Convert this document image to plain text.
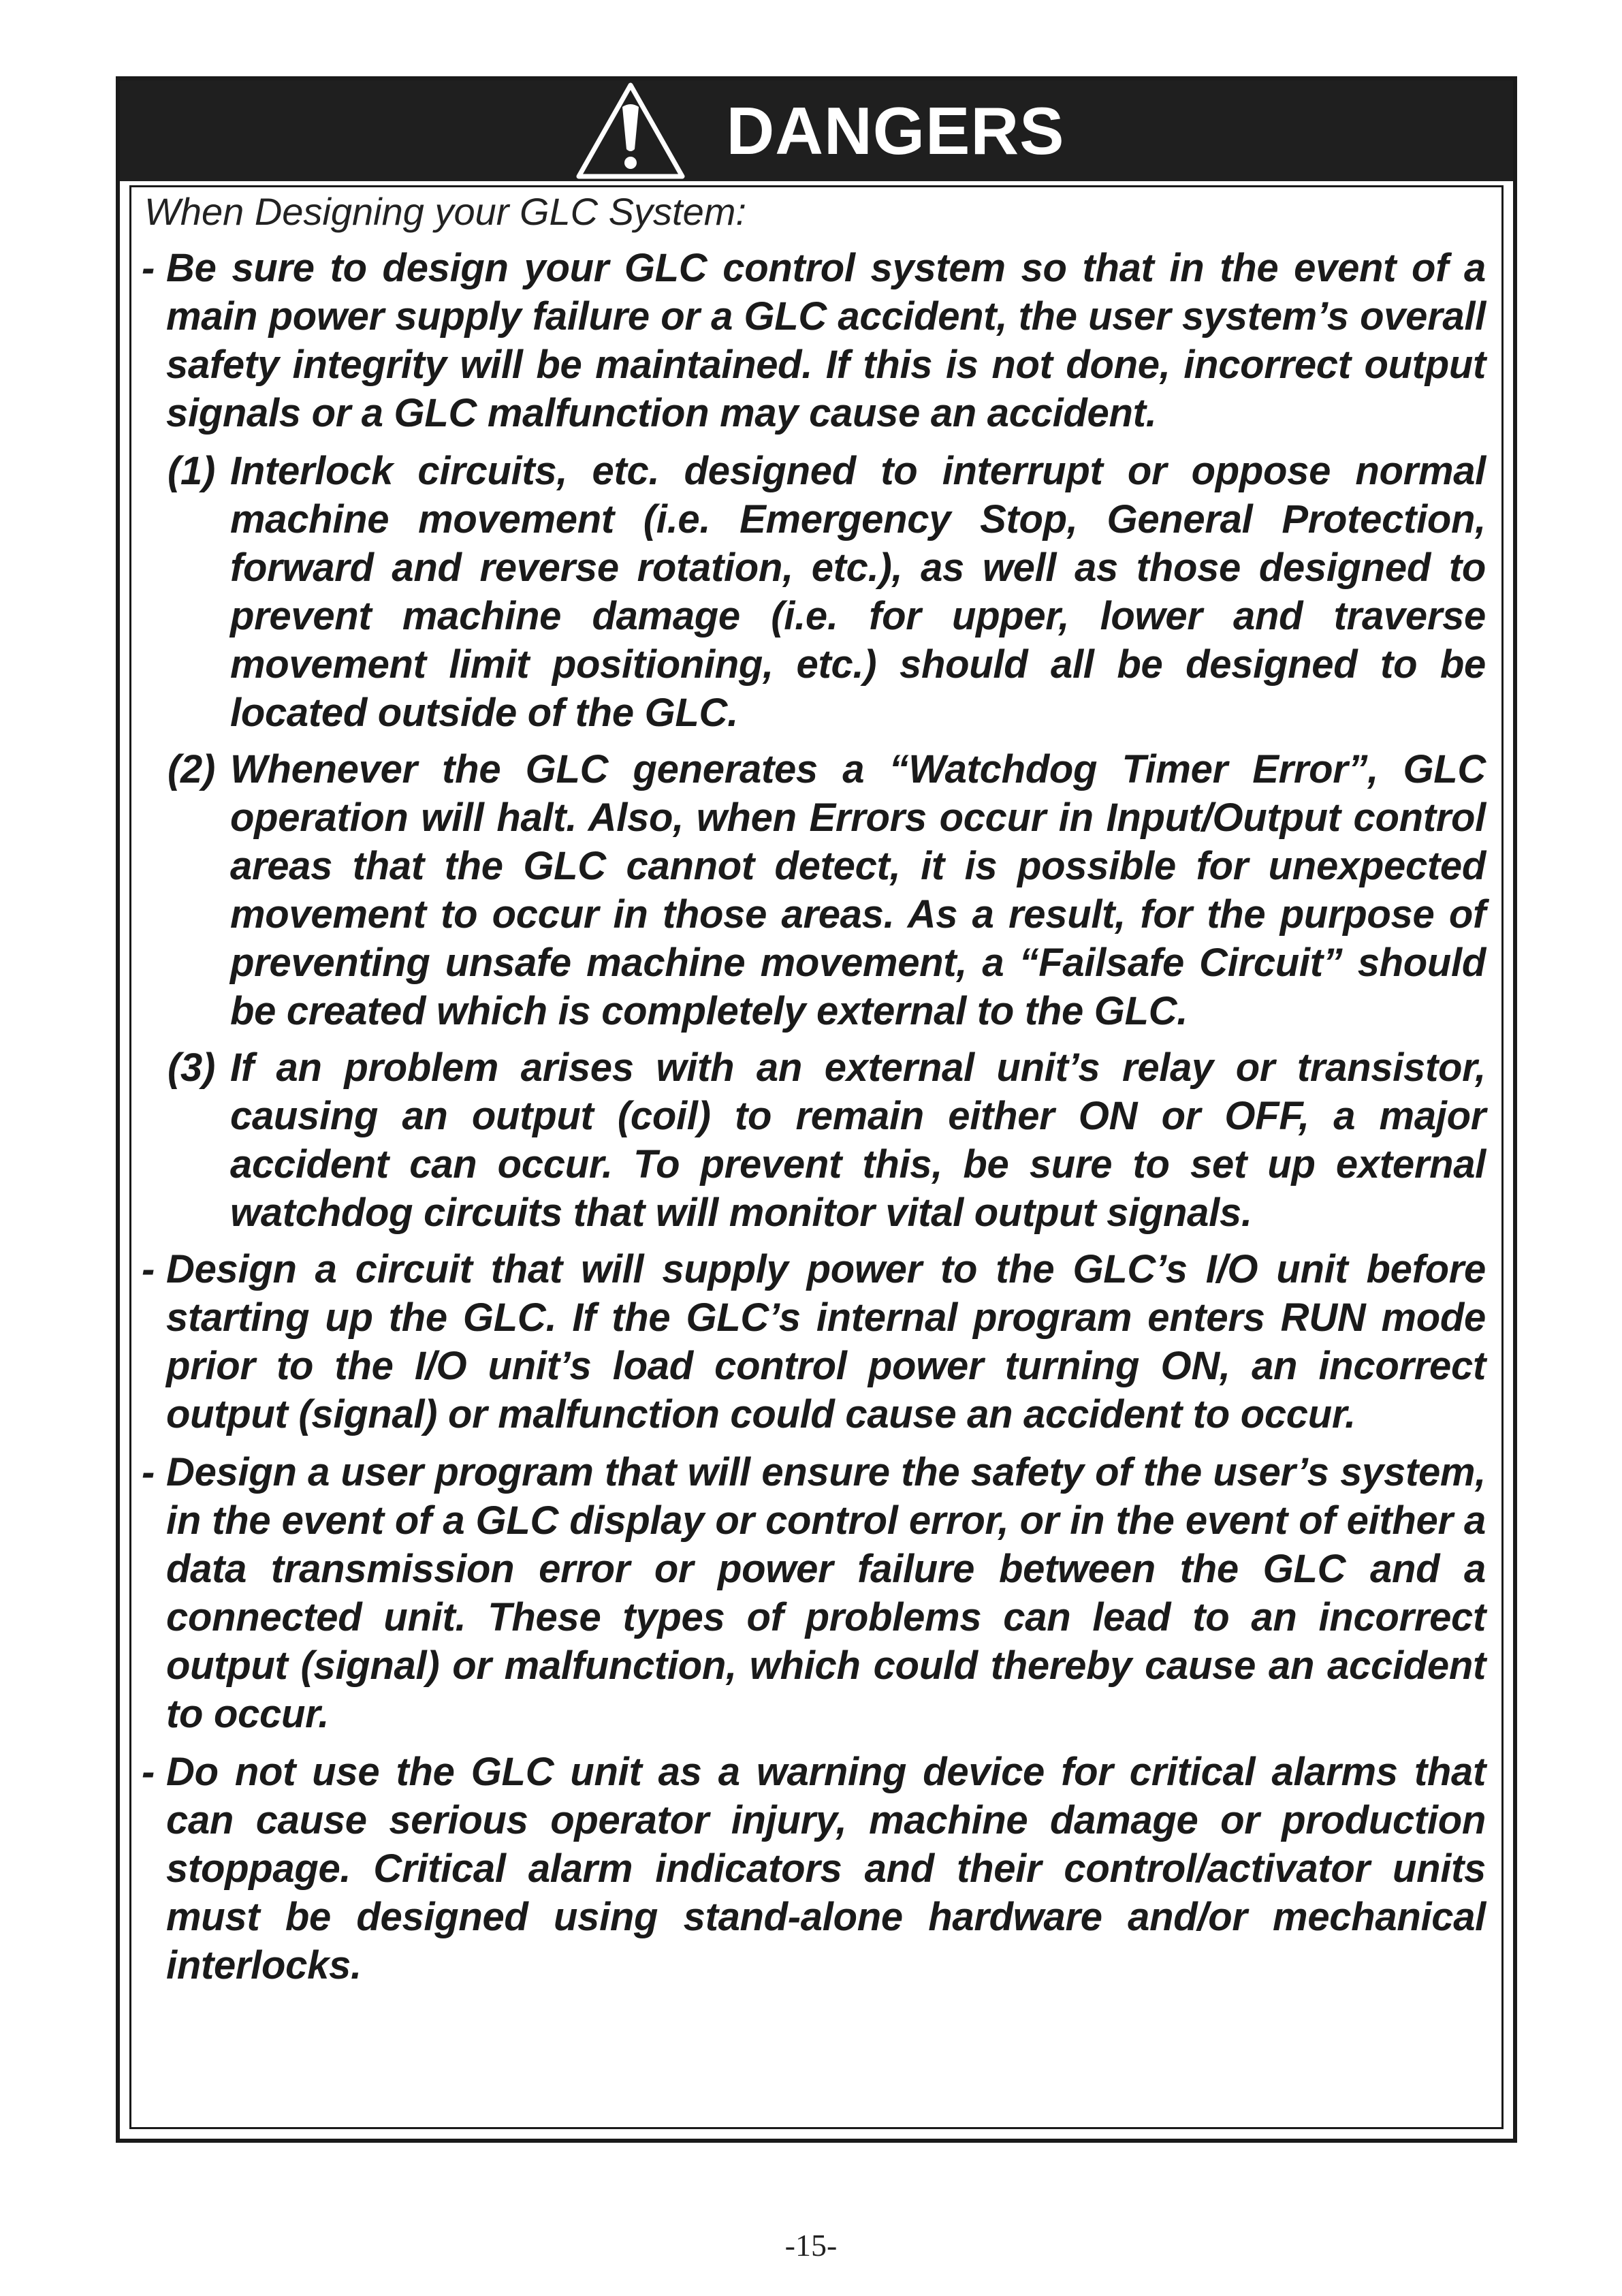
DANGERS

When Designing your GLC System:

- Be sure to design your GLC control system so that in the event of a main power supply failure or a GLC accident, the user system’s overall safety integrity will be maintained. If this is not done, incorrect output signals or a GLC malfunction may cause an accident.

(1) Interlock circuits, etc. designed to interrupt or oppose normal machine movement (i.e. Emergency Stop, General Protection, forward and reverse rotation, etc.), as well as those designed to prevent machine damage (i.e. for upper, lower and traverse movement limit positioning, etc.) should all be designed to be located outside of the GLC.

(2) Whenever the GLC generates a “Watchdog Timer Error”, GLC operation will halt. Also, when Errors occur in Input/Output control areas that the GLC cannot detect, it is possible for unexpected movement to occur in those areas. As a result, for the purpose of preventing unsafe machine movement, a “Failsafe Circuit” should be created which is completely external to the GLC.

(3) If an problem arises with an external unit’s relay or transistor, causing an output (coil) to remain either ON or OFF, a major accident can occur. To prevent this, be sure to set up external watchdog circuits that will monitor vital output signals.

- Design a circuit that will supply power to the GLC’s I/O unit before starting up the GLC. If the GLC’s internal program enters RUN mode prior to the I/O unit’s load control power turning ON, an incorrect output (signal) or malfunction could cause an accident to occur.

- Design a user program that will ensure the safety of the user’s system, in the event of a GLC display or control error, or in the event of either a data transmission error or power failure between the GLC and a connected unit. These types of problems can lead to an incorrect output (signal) or malfunction, which could thereby cause an accident to occur.

- Do not use the GLC unit as a warning device for critical alarms that can cause serious operator injury, machine damage or production stoppage. Critical alarm indicators and their control/activator units must be designed using stand-alone hardware and/or mechanical interlocks.

-15-
